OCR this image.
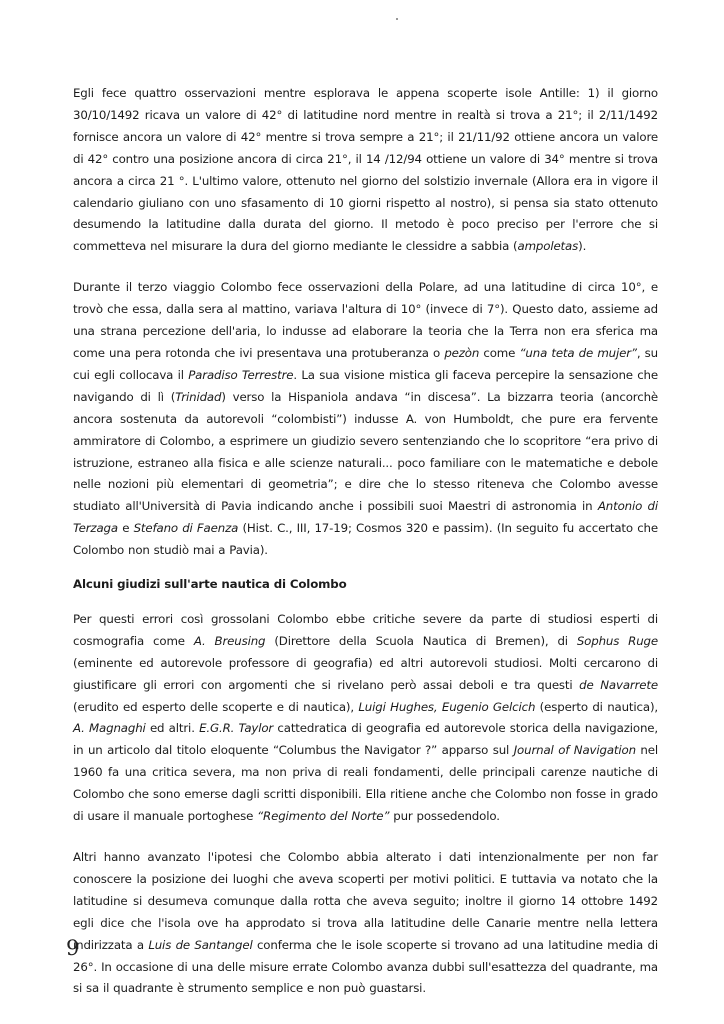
Egli fece quattro osservazioni mentre esplorava le appena scoperte isole Antille: 1) il giorno 30/10/1492 ricava un valore di 42° di latitudine nord mentre in realtà si trova a 21°; il 2/11/1492 fornisce ancora un valore di 42° mentre si trova sempre a 21°; il 21/11/92 ottiene ancora un valore di 42° contro una posizione ancora di circa 21°, il 14 /12/94 ottiene un valore di 34° mentre si trova ancora a circa 21 °. L'ultimo valore, ottenuto nel giorno del solstizio invernale (Allora era in vigore il calendario giuliano con uno sfasamento di 10 giorni rispetto al nostro), si pensa sia stato ottenuto desumendo la latitudine dalla durata del giorno. Il metodo è poco preciso per l'errore che si commetteva nel misurare la dura del giorno mediante le clessidre a sabbia (ampoletas).

Durante il terzo viaggio Colombo fece osservazioni della Polare, ad una latitudine di circa 10°, e trovò che essa, dalla sera al mattino, variava l'altura di 10° (invece di 7°). Questo dato, assieme ad una strana percezione dell'aria, lo indusse ad elaborare la teoria che la Terra non era sferica ma come una pera rotonda che ivi presentava una protuberanza o pezòn come “una teta de mujer”, su cui egli collocava il Paradiso Terrestre. La sua visione mistica gli faceva percepire la sensazione che navigando di lì (Trinidad) verso la Hispaniola andava “in discesa”. La bizzarra teoria (ancorchè ancora sostenuta da autorevoli “colombisti”) indusse A. von Humboldt, che pure era fervente ammiratore di Colombo, a esprimere un giudizio severo sentenziando che lo scopritore “era privo di istruzione, estraneo alla fisica e alle scienze naturali... poco familiare con le matematiche e debole nelle nozioni più elementari di geometria”; e dire che lo stesso riteneva che Colombo avesse studiato all'Università di Pavia indicando anche i possibili suoi Maestri di astronomia in Antonio di Terzaga e Stefano di Faenza (Hist. C., III, 17-19; Cosmos 320 e passim). (In seguito fu accertato che Colombo non studiò mai a Pavia).

Alcuni giudizi sull'arte nautica di Colombo

Per questi errori così grossolani Colombo ebbe critiche severe da parte di studiosi esperti di cosmografia come A. Breusing (Direttore della Scuola Nautica di Bremen), di Sophus Ruge (eminente ed autorevole professore di geografia) ed altri autorevoli studiosi. Molti cercarono di giustificare gli errori con argomenti che si rivelano però assai deboli e tra questi de Navarrete (erudito ed esperto delle scoperte e di nautica), Luigi Hughes, Eugenio Gelcich (esperto di nautica), A. Magnaghi ed altri. E.G.R. Taylor cattedratica di geografia ed autorevole storica della navigazione, in un articolo dal titolo eloquente “Columbus the Navigator ?” apparso sul Journal of Navigation nel 1960 fa una critica severa, ma non priva di reali fondamenti, delle principali carenze nautiche di Colombo che sono emerse dagli scritti disponibili. Ella ritiene anche che Colombo non fosse in grado di usare il manuale portoghese “Regimento del Norte” pur possedendolo.

Altri hanno avanzato l'ipotesi che Colombo abbia alterato i dati intenzionalmente per non far conoscere la posizione dei luoghi che aveva scoperti per motivi politici. E tuttavia va notato che la latitudine si desumeva comunque dalla rotta che aveva seguito; inoltre il giorno 14 ottobre 1492 egli dice che l'isola ove ha approdato si trova alla latitudine delle Canarie mentre nella lettera indirizzata a Luis de Santangel conferma che le isole scoperte si trovano ad una latitudine media di 26°. In occasione di una delle misure errate Colombo avanza dubbi sull'esattezza del quadrante, ma si sa il quadrante è strumento semplice e non può guastarsi.

9
